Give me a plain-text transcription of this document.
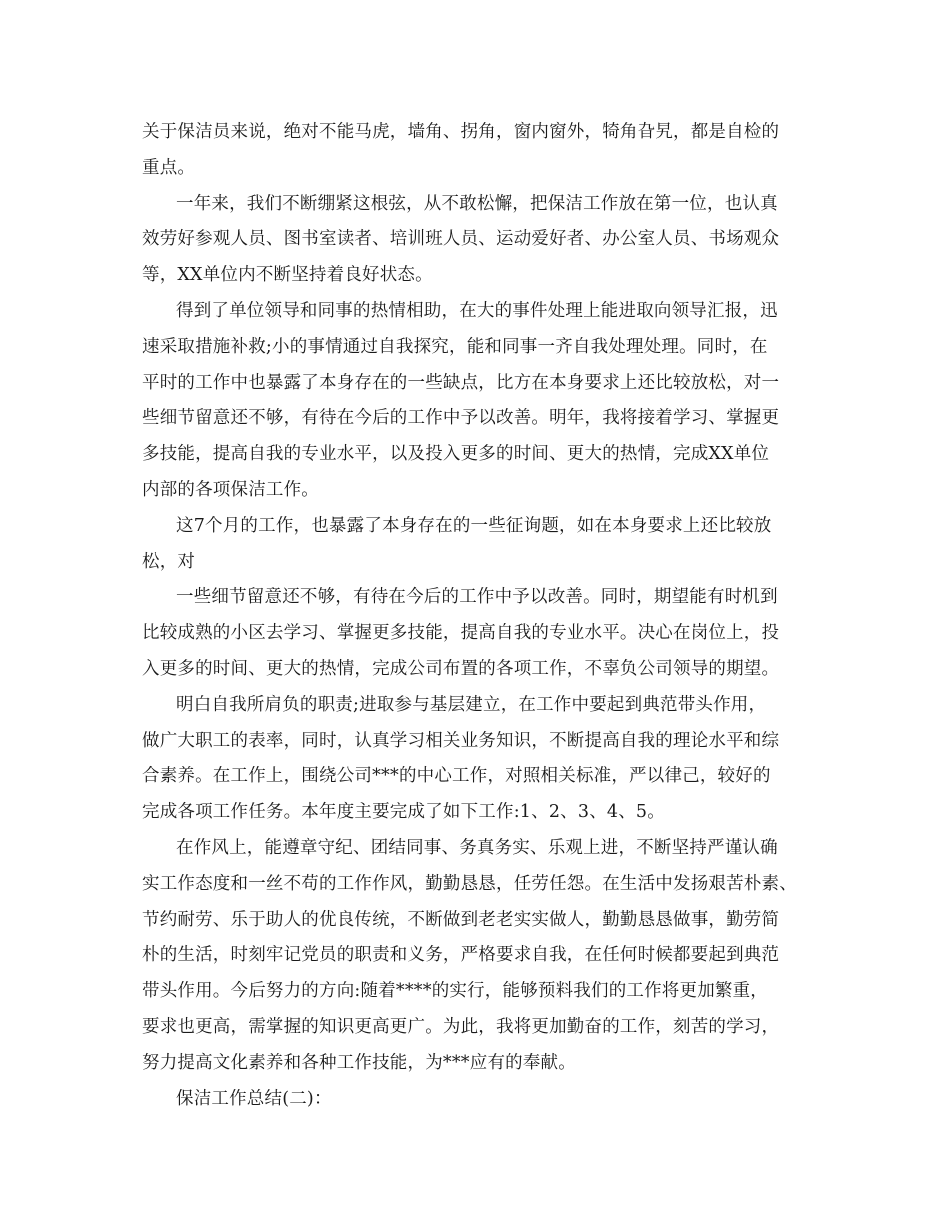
关于保洁员来说，绝对不能马虎，墙角、拐角，窗内窗外，犄角旮旯，都是自检的
重点。
一年来，我们不断绷紧这根弦，从不敢松懈，把保洁工作放在第一位，也认真
效劳好参观人员、图书室读者、培训班人员、运动爱好者、办公室人员、书场观众
等，XX单位内不断坚持着良好状态。
得到了单位领导和同事的热情相助，在大的事件处理上能进取向领导汇报，迅
速采取措施补救;小的事情通过自我探究，能和同事一齐自我处理处理。同时，在
平时的工作中也暴露了本身存在的一些缺点，比方在本身要求上还比较放松，对一
些细节留意还不够，有待在今后的工作中予以改善。明年，我将接着学习、掌握更
多技能，提高自我的专业水平，以及投入更多的时间、更大的热情，完成XX单位
内部的各项保洁工作。
这7个月的工作，也暴露了本身存在的一些征询题，如在本身要求上还比较放
松，对
一些细节留意还不够，有待在今后的工作中予以改善。同时，期望能有时机到
比较成熟的小区去学习、掌握更多技能，提高自我的专业水平。决心在岗位上，投
入更多的时间、更大的热情，完成公司布置的各项工作，不辜负公司领导的期望。
明白自我所肩负的职责;进取参与基层建立，在工作中要起到典范带头作用，
做广大职工的表率，同时，认真学习相关业务知识，不断提高自我的理论水平和综
合素养。在工作上，围绕公司***的中心工作，对照相关标准，严以律己，较好的
完成各项工作任务。本年度主要完成了如下工作:1、2、3、4、5。
在作风上，能遵章守纪、团结同事、务真务实、乐观上进，不断坚持严谨认确
实工作态度和一丝不苟的工作作风，勤勤恳恳，任劳任怨。在生活中发扬艰苦朴素、
节约耐劳、乐于助人的优良传统，不断做到老老实实做人，勤勤恳恳做事，勤劳简
朴的生活，时刻牢记党员的职责和义务，严格要求自我，在任何时候都要起到典范
带头作用。今后努力的方向:随着****的实行，能够预料我们的工作将更加繁重，
要求也更高，需掌握的知识更高更广。为此，我将更加勤奋的工作，刻苦的学习，
努力提高文化素养和各种工作技能，为***应有的奉献。
保洁工作总结(二)：
